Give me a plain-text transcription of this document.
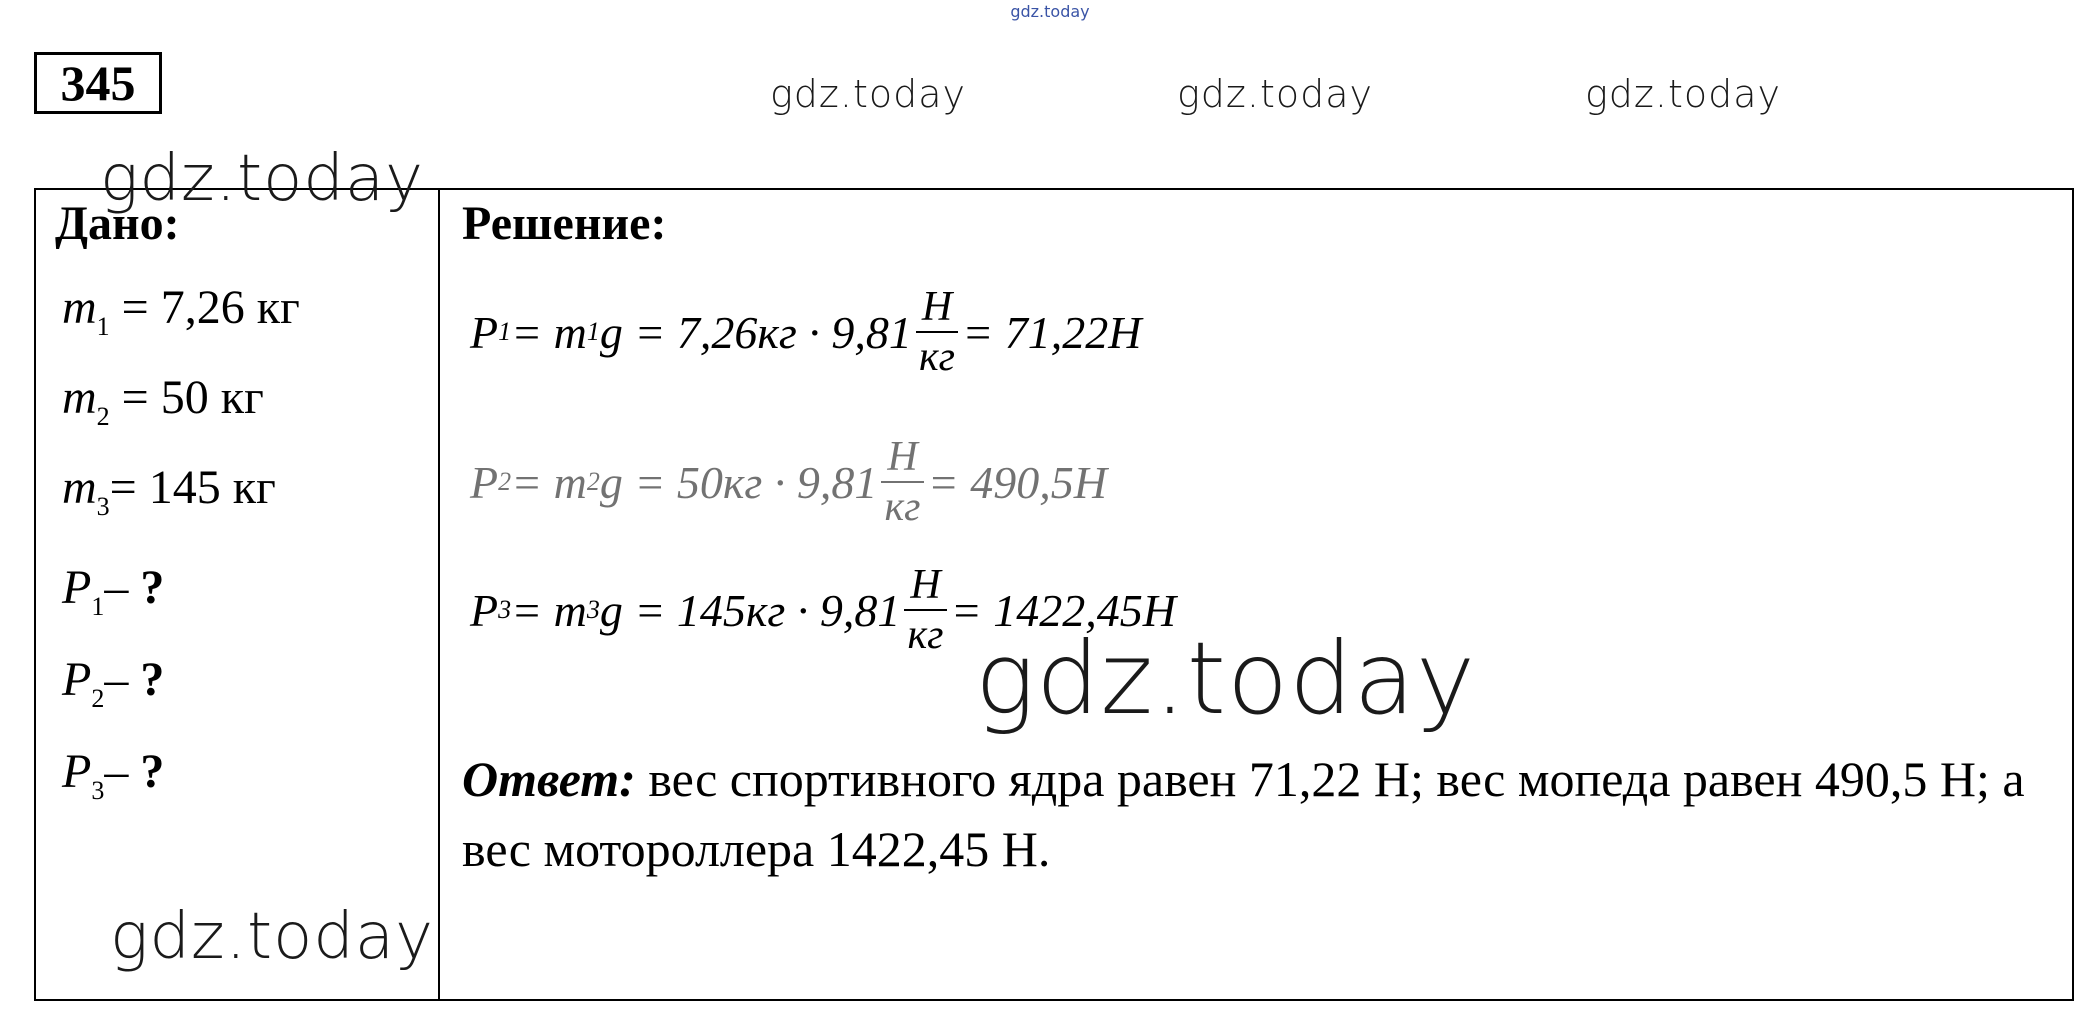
gdz.today
gdz.today	gdz.today	gdz.today
345
Дано:
$m_1 = 7,26$ кг
$m_2 = 50$ кг
$m_3= 145$ кг
$P_1-$ ?
$P_2-$ ?
$P_3-$ ?
Решение:
P 1 = m 1 $g = 7,26кг \cdot 9,81 \frac{Н}{кг} = 71,22Н$
P 2 = m 2 $g = 50кг \cdot 9,81 \frac{Н}{кг} = 490,5Н$
P 3 = m 3 $g = 145кг \cdot 9,81 \frac{Н}{кг} = 1422,45Н$
Ответ: вес спортивного ядра равен 71,22 Н; вес мопеда равен 490,5 Н; а вес мотороллера 1422,45 Н.
gdz.today
gdz.today
gdz.today
